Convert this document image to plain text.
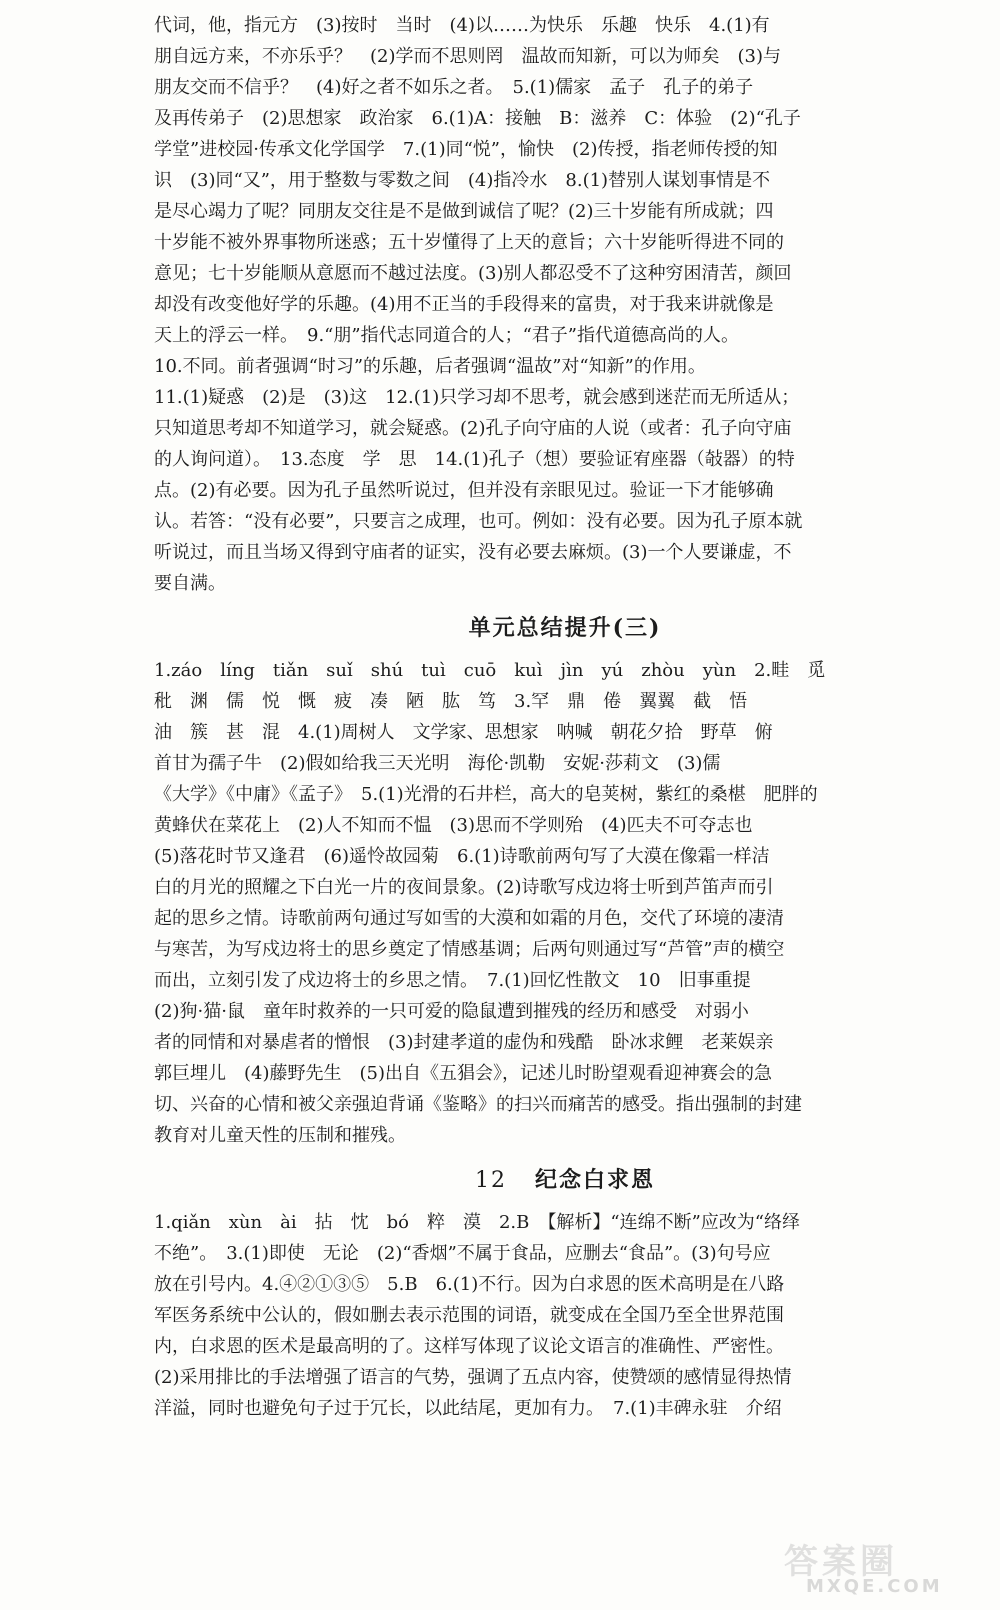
代词，他，指元方　(3)按时　当时　(4)以……为快乐　乐趣　快乐　4.(1)有

朋自远方来，不亦乐乎？　(2)学而不思则罔　温故而知新，可以为师矣　(3)与

朋友交而不信乎？　(4)好之者不如乐之者。　5.(1)儒家　孟子　孔子的弟子

及再传弟子　(2)思想家　政治家　6.(1)A：接触　B：滋养　C：体验　(2)“孔子

学堂”进校园·传承文化学国学　7.(1)同“悦”，愉快　(2)传授，指老师传授的知

识　(3)同“又”，用于整数与零数之间　(4)指冷水　8.(1)替别人谋划事情是不

是尽心竭力了呢？同朋友交往是不是做到诚信了呢？(2)三十岁能有所成就；四

十岁能不被外界事物所迷惑；五十岁懂得了上天的意旨；六十岁能听得进不同的

意见；七十岁能顺从意愿而不越过法度。(3)别人都忍受不了这种穷困清苦，颜回

却没有改变他好学的乐趣。(4)用不正当的手段得来的富贵，对于我来讲就像是

天上的浮云一样。　9.“朋”指代志同道合的人；“君子”指代道德高尚的人。

10.不同。前者强调“时习”的乐趣，后者强调“温故”对“知新”的作用。

11.(1)疑惑　(2)是　(3)这　12.(1)只学习却不思考，就会感到迷茫而无所适从；

只知道思考却不知道学习，就会疑惑。(2)孔子向守庙的人说（或者：孔子向守庙

的人询问道）。　13.态度　学　思　14.(1)孔子（想）要验证宥座器（敧器）的特

点。(2)有必要。因为孔子虽然听说过，但并没有亲眼见过。验证一下才能够确

认。若答：“没有必要”，只要言之成理，也可。例如：没有必要。因为孔子原本就

听说过，而且当场又得到守庙者的证实，没有必要去麻烦。(3)一个人要谦虚，不

要自满。

单元总结提升(三)

1.záo　líng　tiǎn　suǐ　shú　tuì　cuō　kuì　jìn　yú　zhòu　yùn　2.畦　觅

秕　渊　儒　悦　慨　疲　凑　陋　肱　笃　3.罕　鼎　倦　翼翼　截　悟

油　簇　甚　混　4.(1)周树人　文学家、思想家　呐喊　朝花夕拾　野草　俯

首甘为孺子牛　(2)假如给我三天光明　海伦·凯勒　安妮·莎莉文　(3)儒

《大学》《中庸》《孟子》　5.(1)光滑的石井栏，高大的皂荚树，紫红的桑椹　肥胖的

黄蜂伏在菜花上　(2)人不知而不愠　(3)思而不学则殆　(4)匹夫不可夺志也

(5)落花时节又逢君　(6)遥怜故园菊　6.(1)诗歌前两句写了大漠在像霜一样洁

白的月光的照耀之下白光一片的夜间景象。(2)诗歌写戍边将士听到芦笛声而引

起的思乡之情。诗歌前两句通过写如雪的大漠和如霜的月色，交代了环境的凄清

与寒苦，为写戍边将士的思乡奠定了情感基调；后两句则通过写“芦管”声的横空

而出，立刻引发了戍边将士的乡思之情。　7.(1)回忆性散文　10　旧事重提

(2)狗·猫·鼠　童年时救养的一只可爱的隐鼠遭到摧残的经历和感受　对弱小

者的同情和对暴虐者的憎恨　(3)封建孝道的虚伪和残酷　卧冰求鲤　老莱娱亲

郭巨埋儿　(4)藤野先生　(5)出自《五猖会》，记述儿时盼望观看迎神赛会的急

切、兴奋的心情和被父亲强迫背诵《鉴略》的扫兴而痛苦的感受。指出强制的封建

教育对儿童天性的压制和摧残。

12 纪念白求恩

1.qiǎn　xùn　ài　拈　忱　bó　粹　漠　2.B　【解析】“连绵不断”应改为“络绎

不绝”。　3.(1)即使　无论　(2)“香烟”不属于食品，应删去“食品”。(3)句号应

放在引号内。4.④②①③⑤　5.B　6.(1)不行。因为白求恩的医术高明是在八路

军医务系统中公认的，假如删去表示范围的词语，就变成在全国乃至全世界范围

内，白求恩的医术是最高明的了。这样写体现了议论文语言的准确性、严密性。

(2)采用排比的手法增强了语言的气势，强调了五点内容，使赞颂的感情显得热情

洋溢，同时也避免句子过于冗长，以此结尾，更加有力。　7.(1)丰碑永驻　介绍

答案圈
MXQE.COM
